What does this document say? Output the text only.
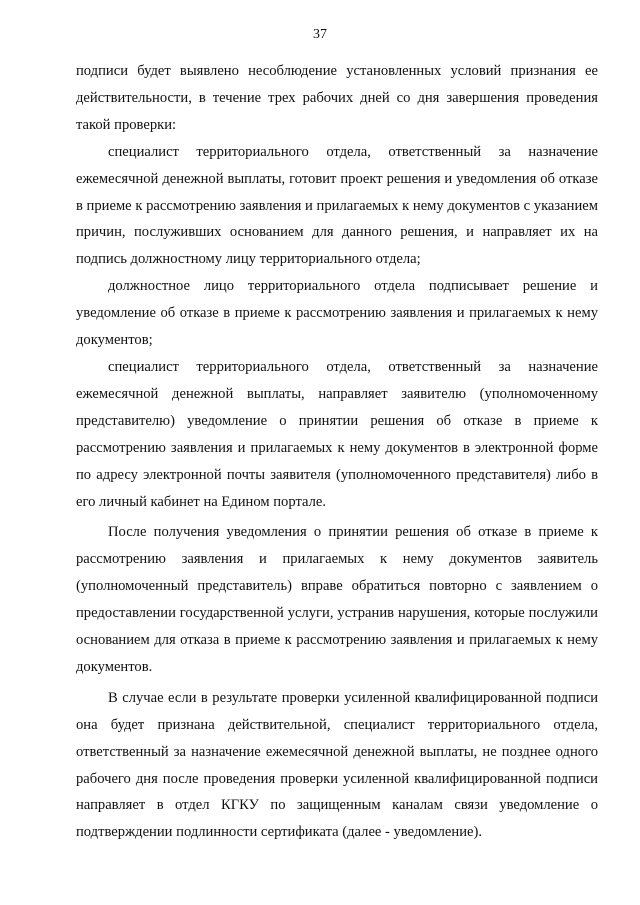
37

подписи будет выявлено несоблюдение установленных условий признания ее действительности, в течение трех рабочих дней со дня завершения проведения такой проверки:

специалист территориального отдела, ответственный за назначение ежемесячной денежной выплаты, готовит проект решения и уведомления об отказе в приеме к рассмотрению заявления и прилагаемых к нему документов с указанием причин, послуживших основанием для данного решения, и направляет их на подпись должностному лицу территориального отдела;

должностное лицо территориального отдела подписывает решение и уведомление об отказе в приеме к рассмотрению заявления и прилагаемых к нему документов;

специалист территориального отдела, ответственный за назначение ежемесячной денежной выплаты, направляет заявителю (уполномоченному представителю) уведомление о принятии решения об отказе в приеме к рассмотрению заявления и прилагаемых к нему документов в электронной форме по адресу электронной почты заявителя (уполномоченного представителя) либо в его личный кабинет на Едином портале.

После получения уведомления о принятии решения об отказе в приеме к рассмотрению заявления и прилагаемых к нему документов заявитель (уполномоченный представитель) вправе обратиться повторно с заявлением о предоставлении государственной услуги, устранив нарушения, которые послужили основанием для отказа в приеме к рассмотрению заявления и прилагаемых к нему документов.

В случае если в результате проверки усиленной квалифицированной подписи она будет признана действительной, специалист территориального отдела, ответственный за назначение ежемесячной денежной выплаты, не позднее одного рабочего дня после проведения проверки усиленной квалифицированной подписи направляет в отдел КГКУ по защищенным каналам связи уведомление о подтверждении подлинности сертификата (далее - уведомление).
